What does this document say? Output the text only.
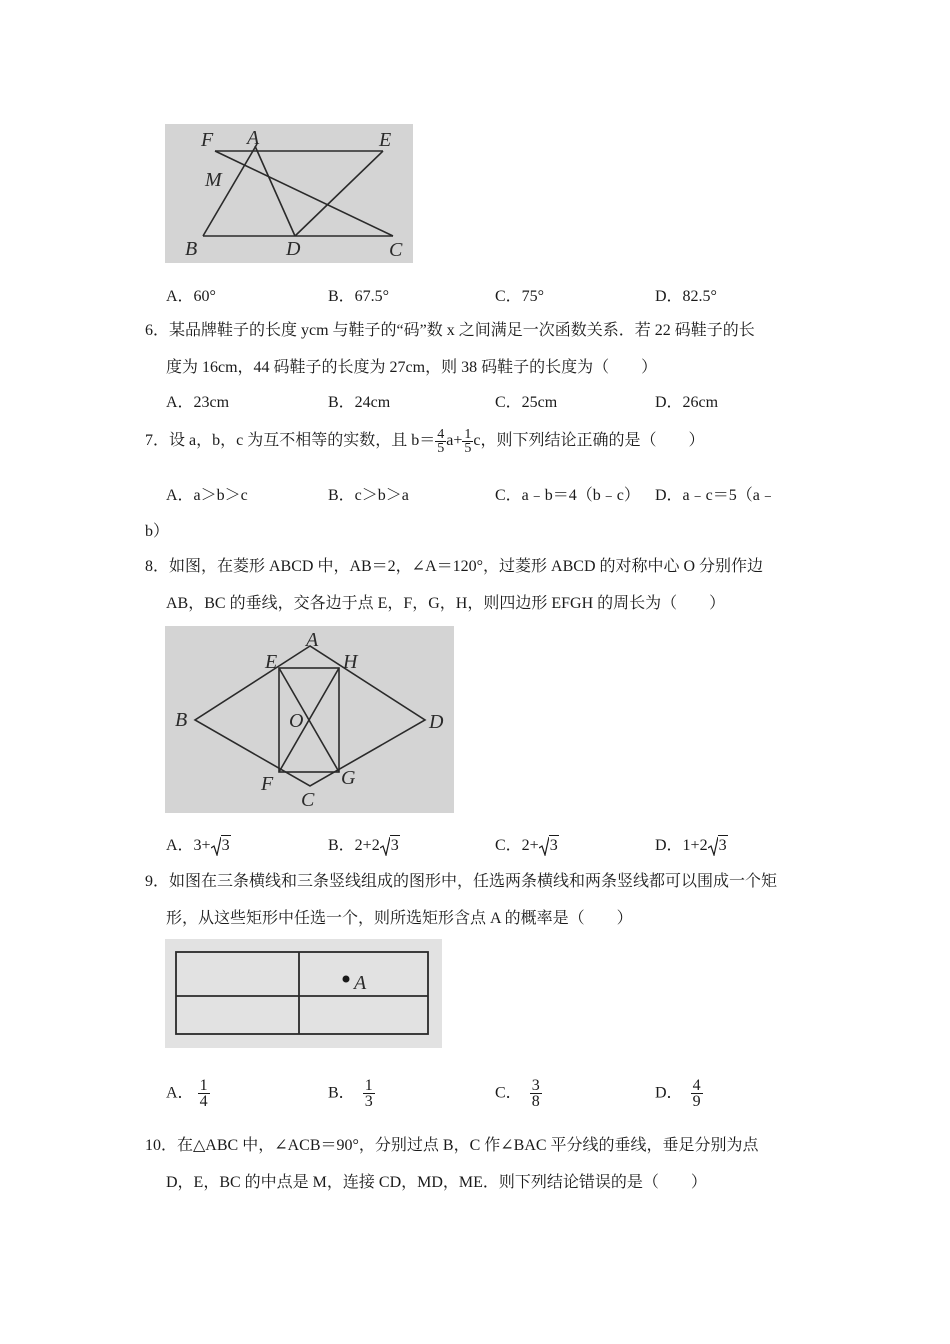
F A	E
M
B	D	C
A．60°	B．67.5°	C．75°	D．82.5°
6．某品牌鞋子的长度 ycm 与鞋子的“码”数 x 之间满足一次函数关系．若 22 码鞋子的长
度为 16cm，44 码鞋子的长度为 27cm，则 38 码鞋子的长度为（　　）
A．23cm	B．24cm	C．25cm	D．26cm
7．设 a，b，c 为互不相等的实数，且 $b= \frac{4}{5} a+ \frac{1}{5}$ c，则下列结论正确的是（　　）
A．a＞b＞c	B．c＞b＞a	C．a﹣b＝4（b﹣c） D．a﹣c＝5（a﹣
b）
8．如图，在菱形 ABCD 中，AB＝2，∠A＝120°，过菱形 ABCD 的对称中心 O 分别作边
AB，BC 的垂线，交各边于点 E，F，G，H，则四边形 EFGH 的周长为（　　）
A
E	H
B	O	D
F	G
C
A．3+ 3	B．2+2 3	C．2+ 3	D．1+2 3
9．如图在三条横线和三条竖线组成的图形中，任选两条横线和两条竖线都可以围成一个矩
形，从这些矩形中任选一个，则所选矩形含点 A 的概率是（　　）
A
A． $\frac{1}{4}$	B． $\frac{1}{3}$	C． $\frac{3}{8}$	D． $\frac{4}{9}$
10．在△ABC 中，∠ACB＝90°，分别过点 B，C 作∠BAC 平分线的垂线，垂足分别为点
D，E，BC 的中点是 M，连接 CD，MD，ME．则下列结论错误的是（　　）
